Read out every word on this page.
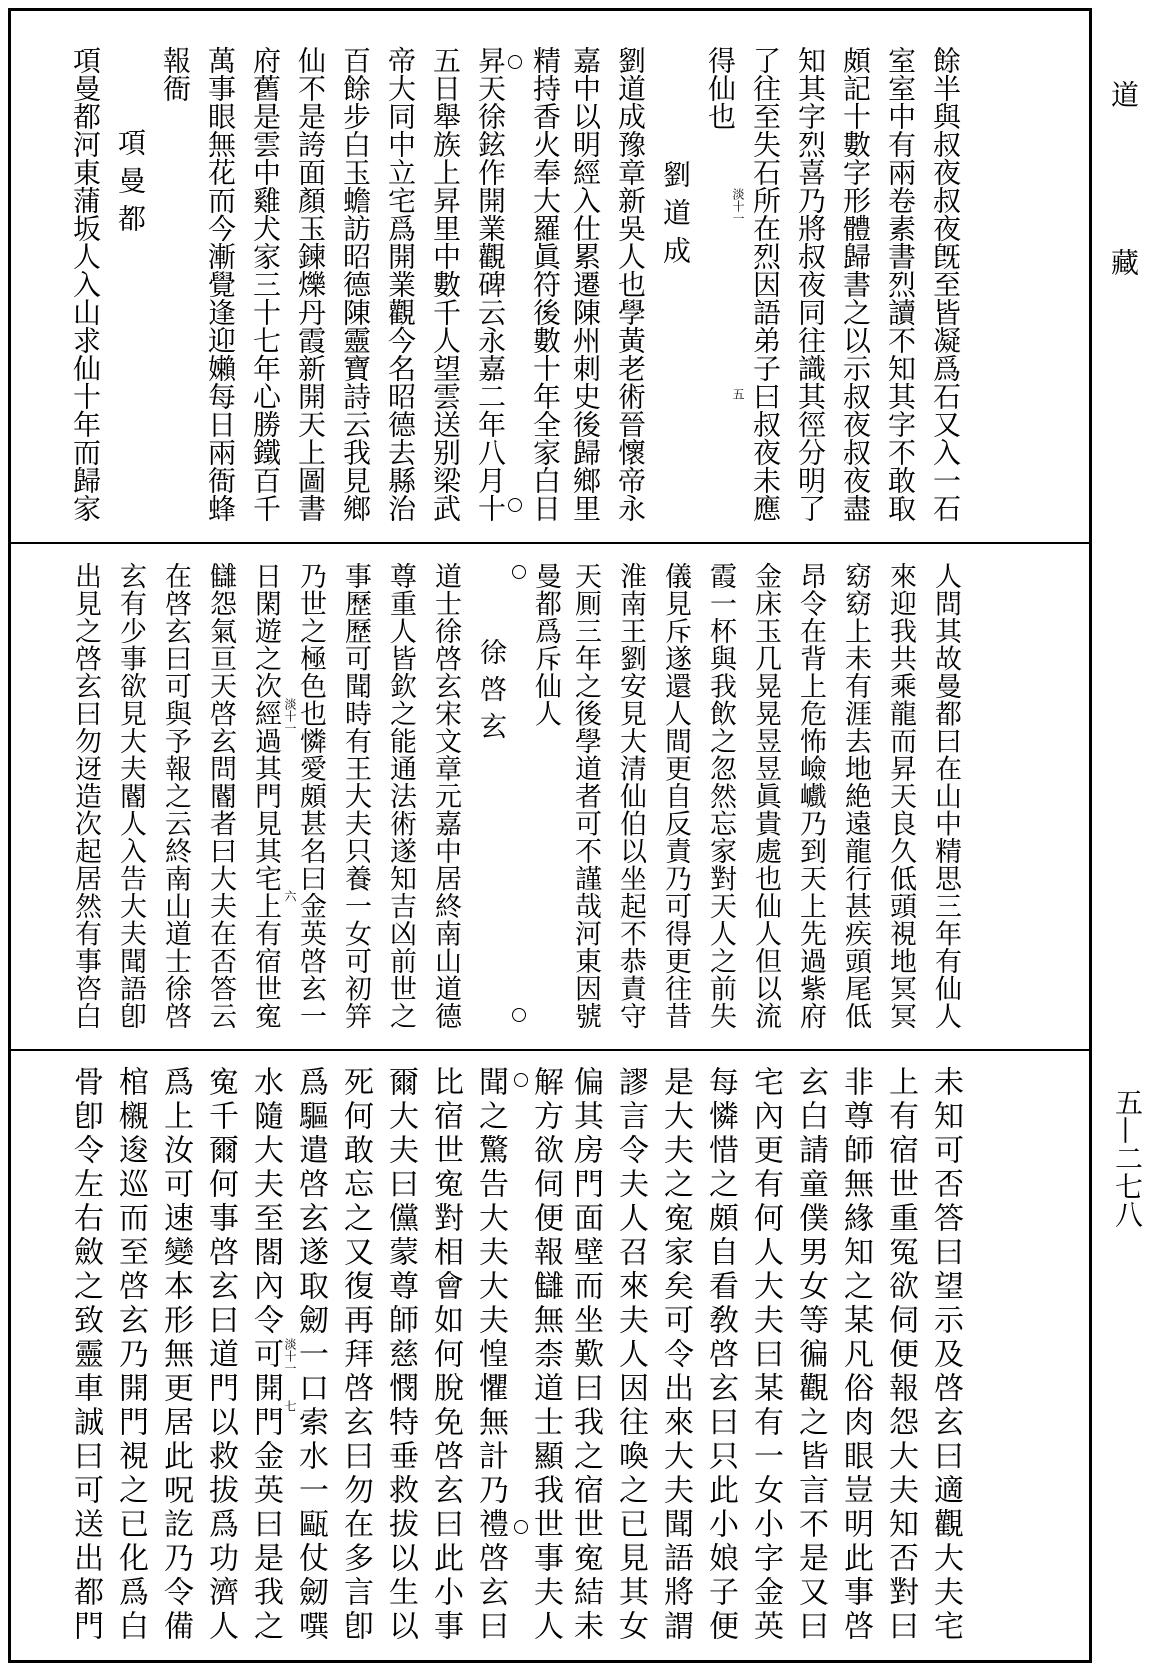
道
藏
五—二七八
餘半與叔夜叔夜旣至皆凝爲石又入一石
室室中有兩卷素書烈讀不知其字不敢取
頗記十數字形體歸書之以示叔夜叔夜盡
知其字烈喜乃將叔夜同往識其徑分明了
了往至失石所在烈因語弟子曰叔夜未應
得仙也
劉道成
劉道成豫章新吳人也學黃老術晉懷帝永
嘉中以明經入仕累遷陳州刺史後歸鄉里
精持香火奉大羅眞符後數十年全家白日
昇天徐鉉作開業觀碑云永嘉二年八月十
五日舉族上昇里中數千人望雲送别梁武
帝大同中立宅爲開業觀今名昭德去縣治
百餘步白玉蟾訪昭德陳靈寶詩云我見鄉
仙不是誇面顏玉鍊爍丹霞新開天上圖書
府舊是雲中雞犬家三十七年心勝鐵百千
萬事眼無花而今漸覺逢迎嬾每日兩衙蜂
報衙
項曼都
項曼都河東蒲坂人入山求仙十年而歸家	淡十一
五
人問其故曼都曰在山中精思三年有仙人
來迎我共乘龍而昇天良久低頭視地冥冥
窈窈上未有涯去地絶遠龍行甚疾頭尾低
昂令在背上危怖嶮巇乃到天上先過紫府
金床玉几晃晃昱昱眞貴處也仙人但以流
霞一杯與我飲之忽然忘家對天人之前失
儀見斥遂還人間更自反責乃可得更往昔
淮南王劉安見大清仙伯以坐起不恭責守
天厠三年之後學道者可不謹哉河東因號
曼都爲斥仙人
徐啓玄
道士徐啓玄宋文章元嘉中居終南山道德
尊重人皆欽之能通法術遂知吉凶前世之
事歷歷可聞時有王大夫只養一女可初笄
乃世之極色也憐愛頗甚名曰金英啓玄一
日閑遊之次經過其門見其宅上有宿世寃
讎怨氣亘天啓玄問閽者曰大夫在否答云
在啓玄曰可與予報之云終南山道士徐啓
玄有少事欲見大夫閽人入告大夫聞語卽
出見之啓玄曰勿迓造次起居然有事咨白	淡十一
六
未知可否答曰望示及啓玄曰適觀大夫宅
上有宿世重冤欲伺便報怨大夫知否對曰
非尊師無緣知之某凡俗肉眼豈明此事啓
玄白請童僕男女等徧觀之皆言不是又曰
宅內更有何人大夫曰某有一女小字金英
每憐惜之頗自看敎啓玄曰只此小娘子便
是大夫之寃家矣可令出來大夫聞語將謂
謬言令夫人召來夫人因往喚之已見其女
偏其房門面壁而坐歎曰我之宿世寃結未
解方欲伺便報讎無柰道士顯我世事夫人
聞之驚告大夫大夫惶懼無計乃禮啓玄曰
比宿世寃對相會如何脫免啓玄曰此小事
爾大夫曰儻蒙尊師慈憫特垂救拔以生以
死何敢忘之又復再拜啓玄曰勿在多言卽
爲驅遣啓玄遂取劒一口索水一甌仗劒噀
水隨大夫至閤內令可開門金英曰是我之
寃千爾何事啓玄曰道門以救拔爲功濟人
爲上汝可速變本形無更居此呪訖乃令備
棺櫬逡巡而至啓玄乃開門視之已化爲白
骨卽令左右斂之致靈車誠曰可送出都門	淡十一
七
